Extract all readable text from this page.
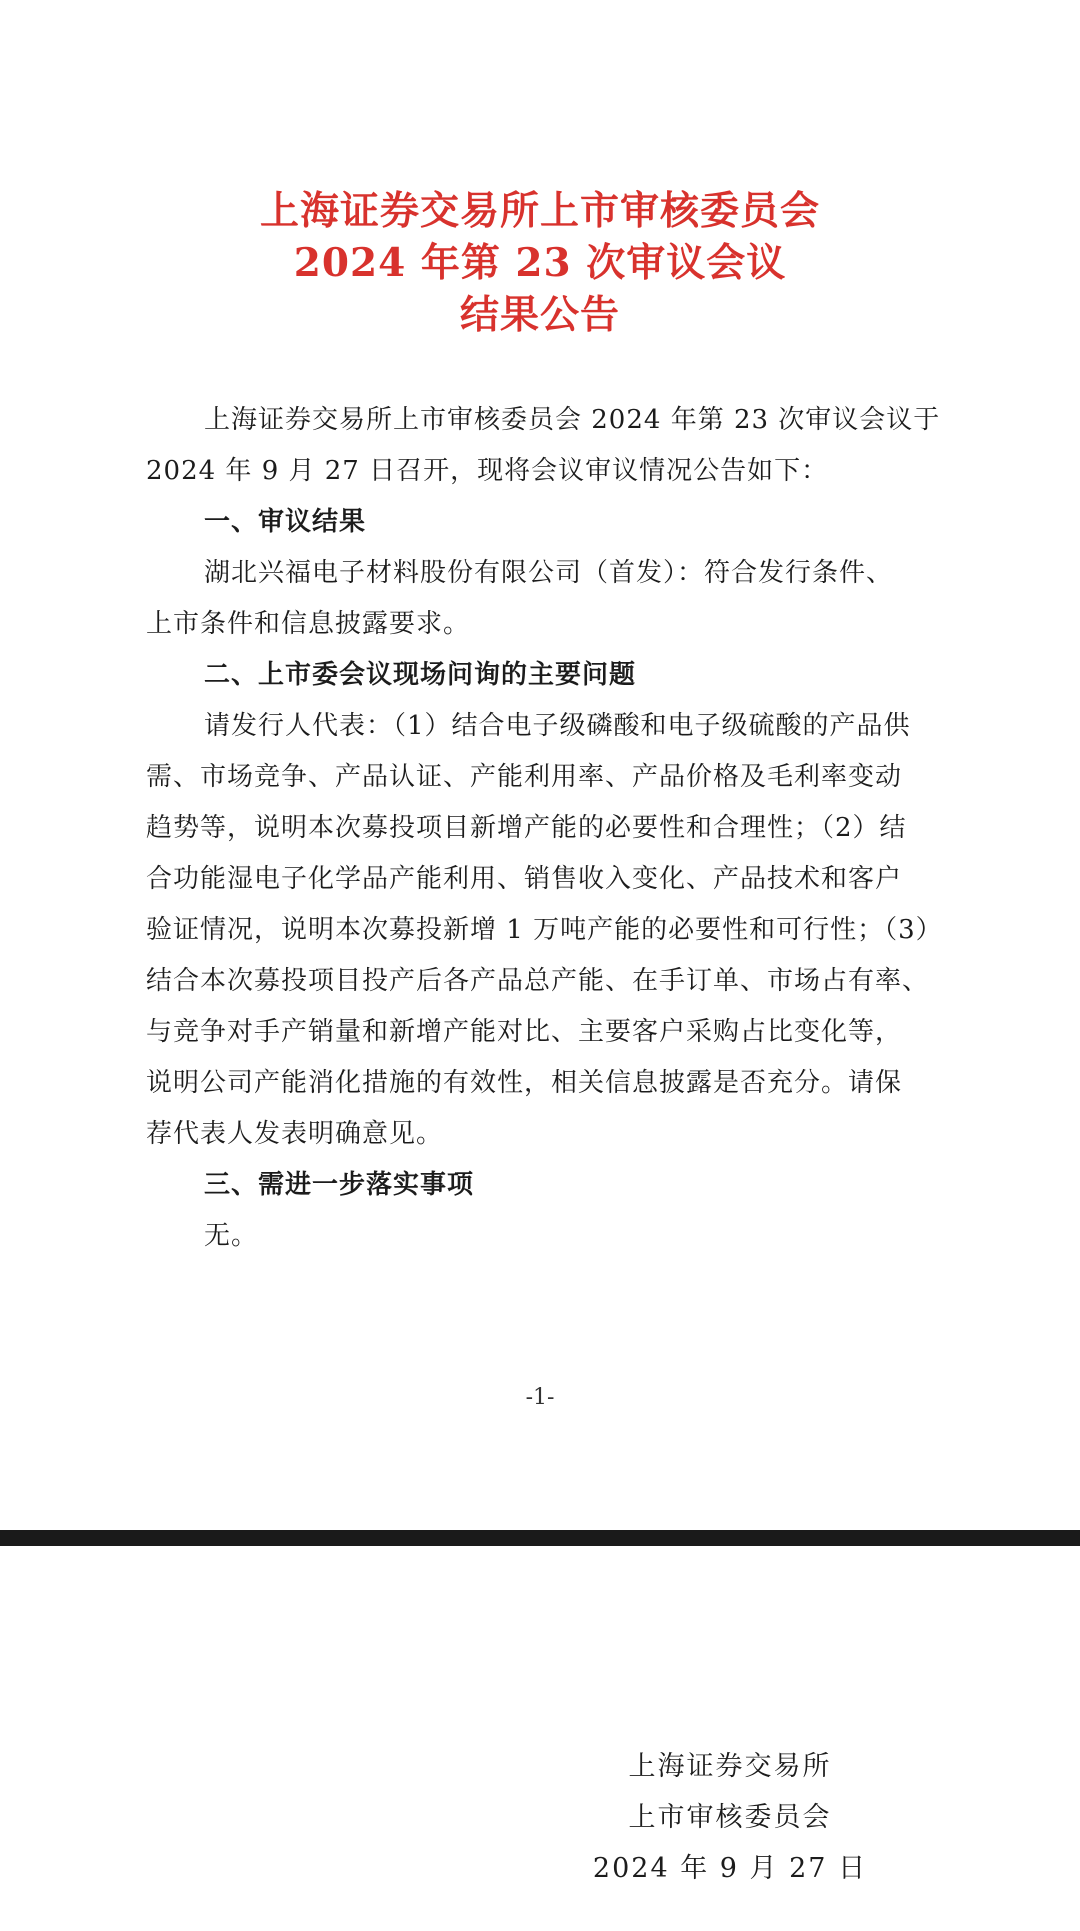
上海证券交易所上市审核委员会
2024 年第 23 次审议会议
结果公告
上海证券交易所上市审核委员会 2024 年第 23 次审议会议于
2024 年 9 月 27 日召开，现将会议审议情况公告如下：
一、审议结果
湖北兴福电子材料股份有限公司（首发）：符合发行条件、
上市条件和信息披露要求。
二、上市委会议现场问询的主要问题
请发行人代表：（1）结合电子级磷酸和电子级硫酸的产品供
需、市场竞争、产品认证、产能利用率、产品价格及毛利率变动
趋势等，说明本次募投项目新增产能的必要性和合理性；（2）结
合功能湿电子化学品产能利用、销售收入变化、产品技术和客户
验证情况，说明本次募投新增 1 万吨产能的必要性和可行性；（3）
结合本次募投项目投产后各产品总产能、在手订单、市场占有率、
与竞争对手产销量和新增产能对比、主要客户采购占比变化等，
说明公司产能消化措施的有效性，相关信息披露是否充分。请保
荐代表人发表明确意见。
三、需进一步落实事项
无。
-1-
上海证券交易所
上市审核委员会
2024 年 9 月 27 日
